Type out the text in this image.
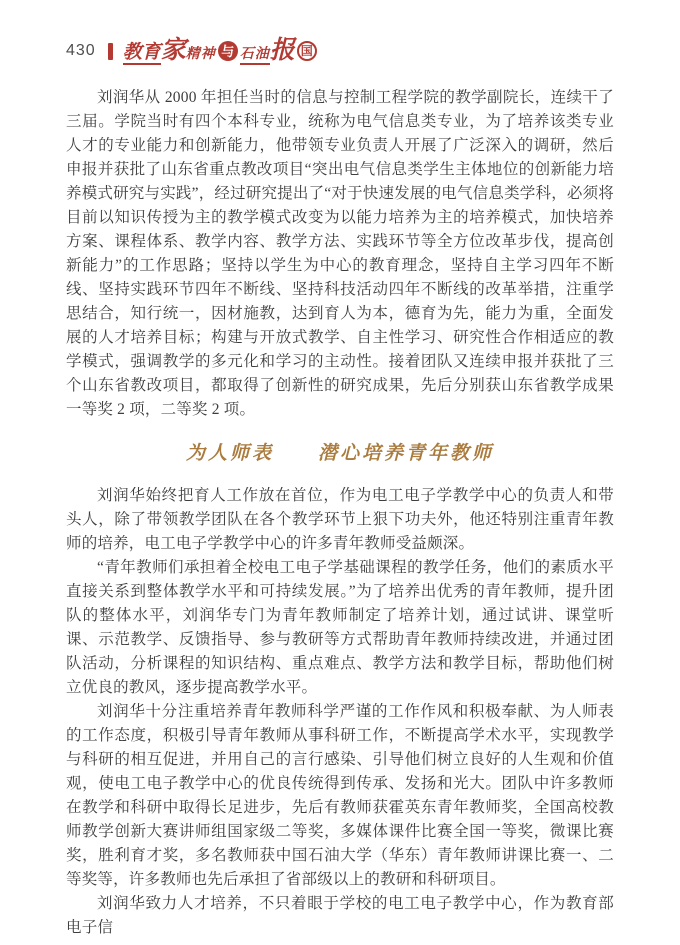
430 教育 家 精神 与 石油 报 国

刘润华从 2000 年担任当时的信息与控制工程学院的教学副院长，连续干了三届。学院当时有四个本科专业，统称为电气信息类专业，为了培养该类专业人才的专业能力和创新能力，他带领专业负责人开展了广泛深入的调研，然后申报并获批了山东省重点教改项目“突出电气信息类学生主体地位的创新能力培养模式研究与实践”，经过研究提出了“对于快速发展的电气信息类学科，必须将目前以知识传授为主的教学模式改变为以能力培养为主的培养模式，加快培养方案、课程体系、教学内容、教学方法、实践环节等全方位改革步伐，提高创新能力”的工作思路；坚持以学生为中心的教育理念，坚持自主学习四年不断线、坚持实践环节四年不断线、坚持科技活动四年不断线的改革举措，注重学思结合，知行统一，因材施教，达到育人为本，德育为先，能力为重，全面发展的人才培养目标；构建与开放式教学、自主性学习、研究性合作相适应的教学模式，强调教学的多元化和学习的主动性。接着团队又连续申报并获批了三个山东省教改项目，都取得了创新性的研究成果，先后分别获山东省教学成果一等奖 2 项，二等奖 2 项。

为人师表　　潜心培养青年教师

刘润华始终把育人工作放在首位，作为电工电子学教学中心的负责人和带头人，除了带领教学团队在各个教学环节上狠下功夫外，他还特别注重青年教师的培养，电工电子学教学中心的许多青年教师受益颇深。

“青年教师们承担着全校电工电子学基础课程的教学任务，他们的素质水平直接关系到整体教学水平和可持续发展。”为了培养出优秀的青年教师，提升团队的整体水平，刘润华专门为青年教师制定了培养计划，通过试讲、课堂听课、示范教学、反馈指导、参与教研等方式帮助青年教师持续改进，并通过团队活动，分析课程的知识结构、重点难点、教学方法和教学目标，帮助他们树立优良的教风，逐步提高教学水平。

刘润华十分注重培养青年教师科学严谨的工作作风和积极奉献、为人师表的工作态度，积极引导青年教师从事科研工作，不断提高学术水平，实现教学与科研的相互促进，并用自己的言行感染、引导他们树立良好的人生观和价值观，使电工电子教学中心的优良传统得到传承、发扬和光大。团队中许多教师在教学和科研中取得长足进步，先后有教师获霍英东青年教师奖，全国高校教师教学创新大赛讲师组国家级二等奖，多媒体课件比赛全国一等奖，微课比赛奖，胜利育才奖，多名教师获中国石油大学（华东）青年教师讲课比赛一、二等奖等，许多教师也先后承担了省部级以上的教研和科研项目。

刘润华致力人才培养，不只着眼于学校的电工电子教学中心，作为教育部电子信
